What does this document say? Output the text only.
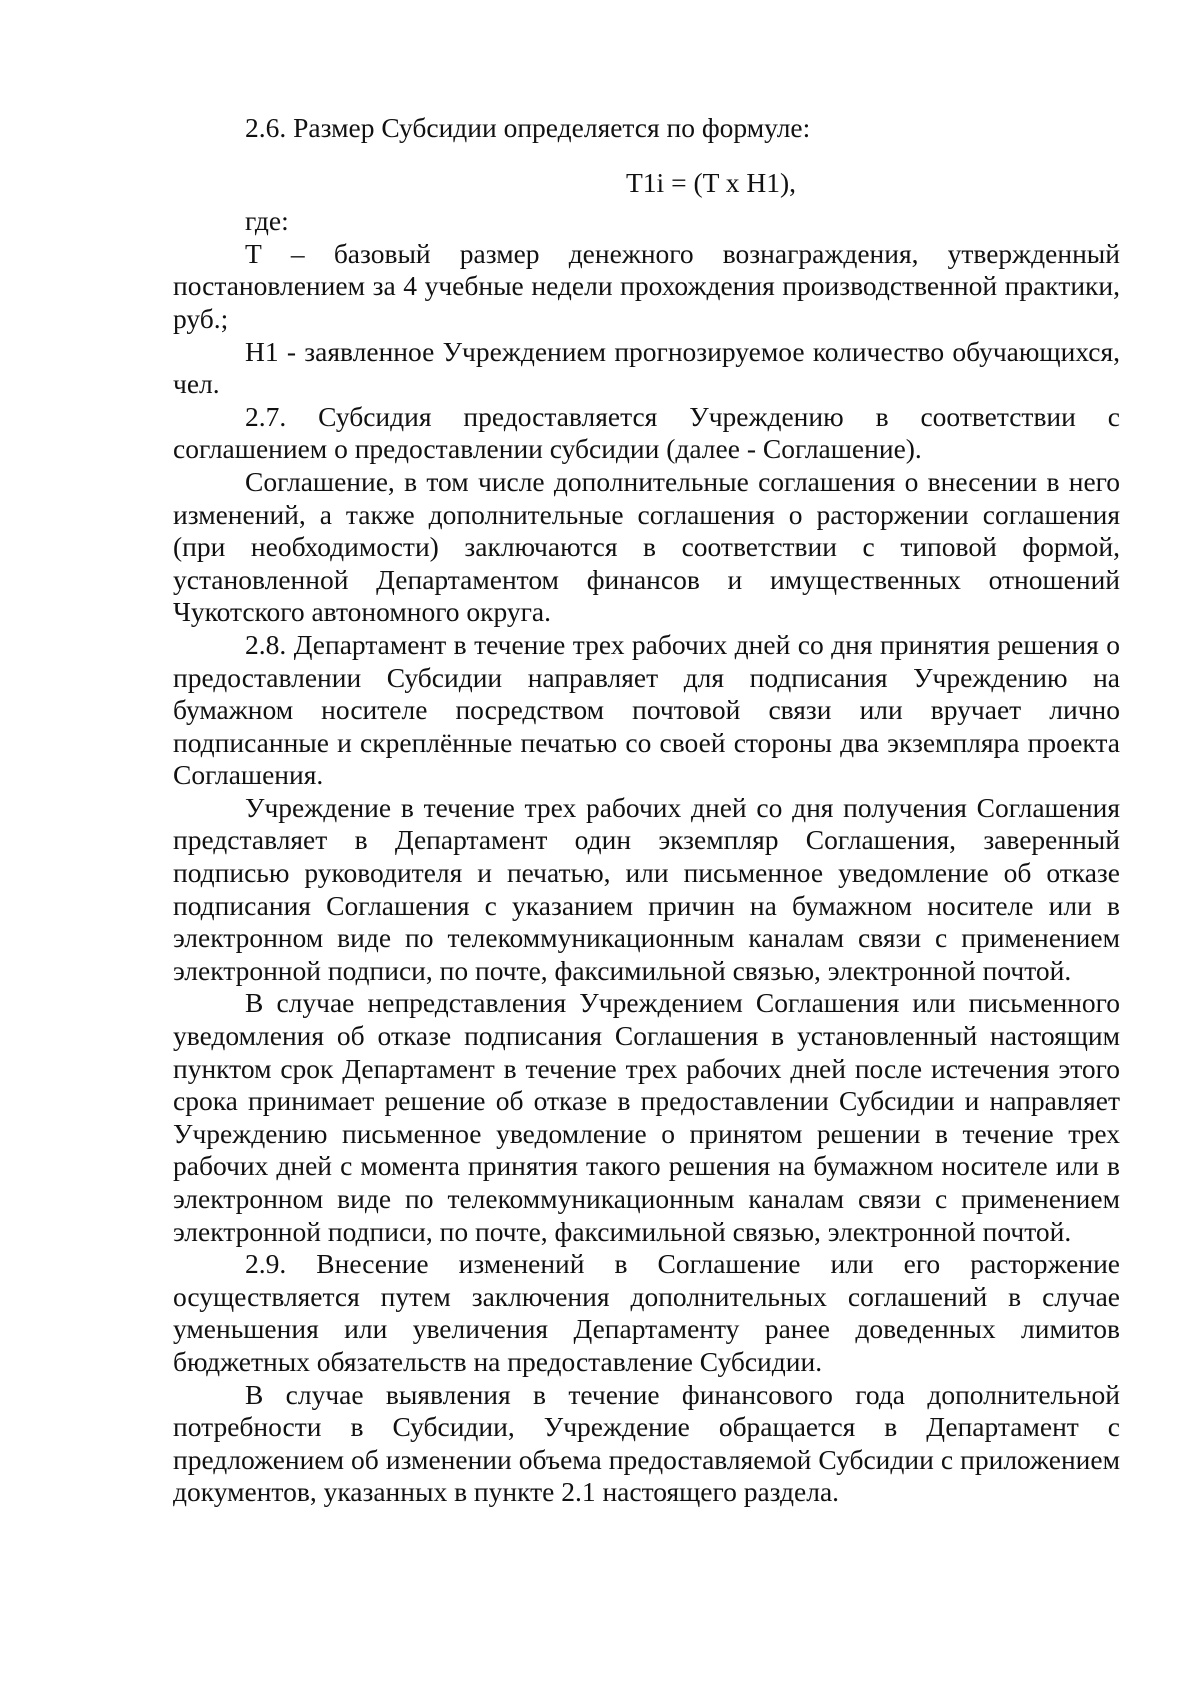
2.6. Размер Субсидии определяется по формуле:

T1i = (T x H1),

где:

Т – базовый размер денежного вознаграждения, утвержденный постановлением за 4 учебные недели прохождения производственной практики, руб.;

Н1 - заявленное Учреждением прогнозируемое количество обучающихся, чел.

2.7. Субсидия предоставляется Учреждению в соответствии с соглашением о предоставлении субсидии (далее - Соглашение).

Соглашение, в том числе дополнительные соглашения о внесении в него изменений, а также дополнительные соглашения о расторжении соглашения (при необходимости) заключаются в соответствии с типовой формой, установленной Департаментом финансов и имущественных отношений Чукотского автономного округа.

2.8. Департамент в течение трех рабочих дней со дня принятия решения о предоставлении Субсидии направляет для подписания Учреждению на бумажном носителе посредством почтовой связи или вручает лично подписанные и скреплённые печатью со своей стороны два экземпляра проекта Соглашения.

Учреждение в течение трех рабочих дней со дня получения Соглашения представляет в Департамент один экземпляр Соглашения, заверенный подписью руководителя и печатью, или письменное уведомление об отказе подписания Соглашения с указанием причин на бумажном носителе или в электронном виде по телекоммуникационным каналам связи с применением электронной подписи, по почте, факсимильной связью, электронной почтой.

В случае непредставления Учреждением Соглашения или письменного уведомления об отказе подписания Соглашения в установленный настоящим пунктом срок Департамент в течение трех рабочих дней после истечения этого срока принимает решение об отказе в предоставлении Субсидии и направляет Учреждению письменное уведомление о принятом решении в течение трех рабочих дней с момента принятия такого решения на бумажном носителе или в электронном виде по телекоммуникационным каналам связи с применением электронной подписи, по почте, факсимильной связью, электронной почтой.

2.9. Внесение изменений в Соглашение или его расторжение осуществляется путем заключения дополнительных соглашений в случае уменьшения или увеличения Департаменту ранее доведенных лимитов бюджетных обязательств на предоставление Субсидии.

В случае выявления в течение финансового года дополнительной потребности в Субсидии, Учреждение обращается в Департамент с предложением об изменении объема предоставляемой Субсидии с приложением документов, указанных в пункте 2.1 настоящего раздела.
